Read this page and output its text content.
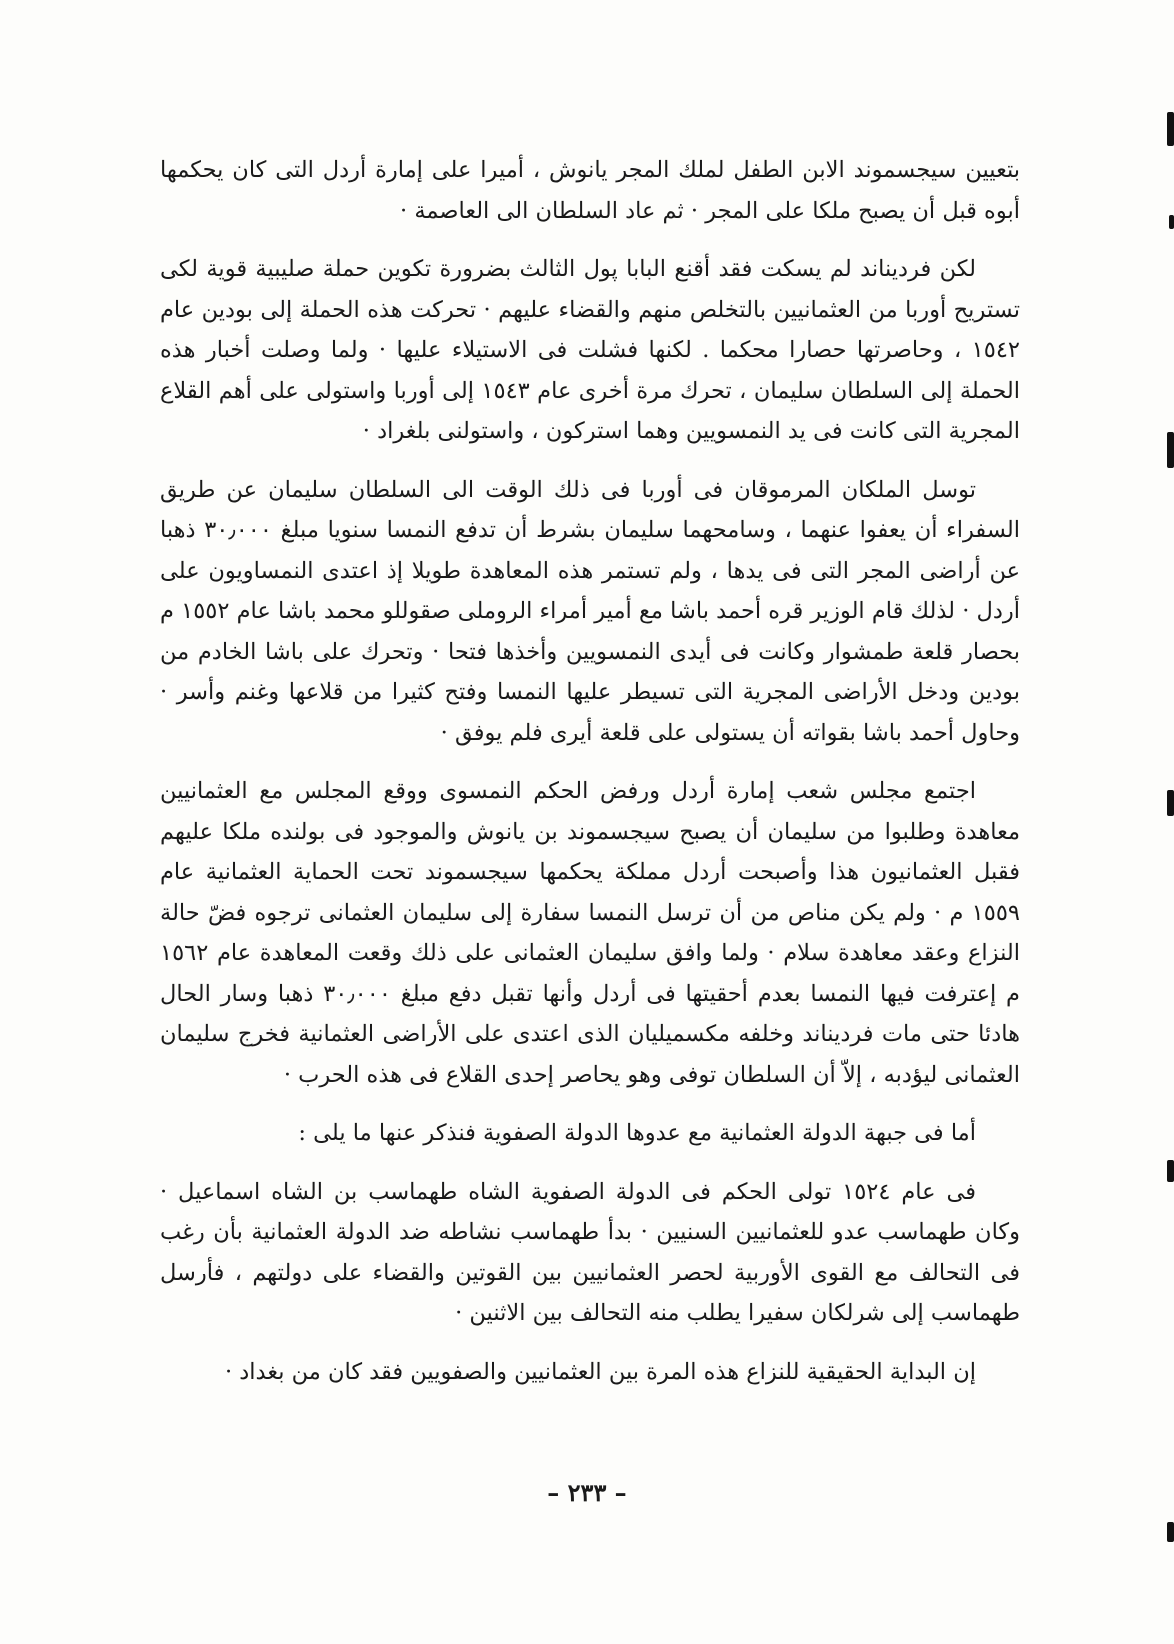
بتعيين سيجسموند الابن الطفل لملك المجر يانوش ، أميرا على إمارة أردل التى كان يحكمها أبوه قبل أن يصبح ملكا على المجر · ثم عاد السلطان الى العاصمة ·

لكن فرديناند لم يسكت فقد أقنع البابا پول الثالث بضرورة تكوين حملة صليبية قوية لكى تستريح أوربا من العثمانيين بالتخلص منهم والقضاء عليهم · تحركت هذه الحملة إلى بودين عام ١٥٤٢ ، وحاصرتها حصارا محكما . لكنها فشلت فى الاستيلاء عليها · ولما وصلت أخبار هذه الحملة إلى السلطان سليمان ، تحرك مرة أخرى عام ١٥٤٣ إلى أوربا واستولى على أهم القلاع المجرية التى كانت فى يد النمسويين وهما استركون ، واستولنى بلغراد ·

توسل الملكان المرموقان فى أوربا فى ذلك الوقت الى السلطان سليمان عن طريق السفراء أن يعفوا عنهما ، وسامحهما سليمان بشرط أن تدفع النمسا سنويا مبلغ ٣٠٫٠٠٠ ذهبا عن أراضى المجر التى فى يدها ، ولم تستمر هذه المعاهدة طويلا إذ اعتدى النمساويون على أردل · لذلك قام الوزير قره أحمد باشا مع أمير أمراء الروملى صقوللو محمد باشا عام ١٥٥٢ م بحصار قلعة طمشوار وكانت فى أيدى النمسويين وأخذها فتحا · وتحرك على باشا الخادم من بودين ودخل الأراضى المجرية التى تسيطر عليها النمسا وفتح كثيرا من قلاعها وغنم وأسر · وحاول أحمد باشا بقواته أن يستولى على قلعة أيرى فلم يوفق ·

اجتمع مجلس شعب إمارة أردل ورفض الحكم النمسوى ووقع المجلس مع العثمانيين معاهدة وطلبوا من سليمان أن يصبح سيجسموند بن يانوش والموجود فى بولنده ملكا عليهم فقبل العثمانيون هذا وأصبحت أردل مملكة يحكمها سيجسموند تحت الحماية العثمانية عام ١٥٥٩ م · ولم يكن مناص من أن ترسل النمسا سفارة إلى سليمان العثمانى ترجوه فضّ حالة النزاع وعقد معاهدة سلام · ولما وافق سليمان العثمانى على ذلك وقعت المعاهدة عام ١٥٦٢ م إعترفت فيها النمسا بعدم أحقيتها فى أردل وأنها تقبل دفع مبلغ ٣٠٫٠٠٠ ذهبا وسار الحال هادئا حتى مات فرديناند وخلفه مكسميليان الذى اعتدى على الأراضى العثمانية فخرج سليمان العثمانى ليؤدبه ، إلاّ أن السلطان توفى وهو يحاصر إحدى القلاع فى هذه الحرب ·

أما فى جبهة الدولة العثمانية مع عدوها الدولة الصفوية فنذكر عنها ما يلى :

فى عام ١٥٢٤ تولى الحكم فى الدولة الصفوية الشاه طهماسب بن الشاه اسماعيل · وكان طهماسب عدو للعثمانيين السنيين · بدأ طهماسب نشاطه ضد الدولة العثمانية بأن رغب فى التحالف مع القوى الأوربية لحصر العثمانيين بين القوتين والقضاء على دولتهم ، فأرسل طهماسب إلى شرلكان سفيرا يطلب منه التحالف بين الاثنين ·

إن البداية الحقيقية للنزاع هذه المرة بين العثمانيين والصفويين فقد كان من بغداد ·

– ٢٣٣ –
